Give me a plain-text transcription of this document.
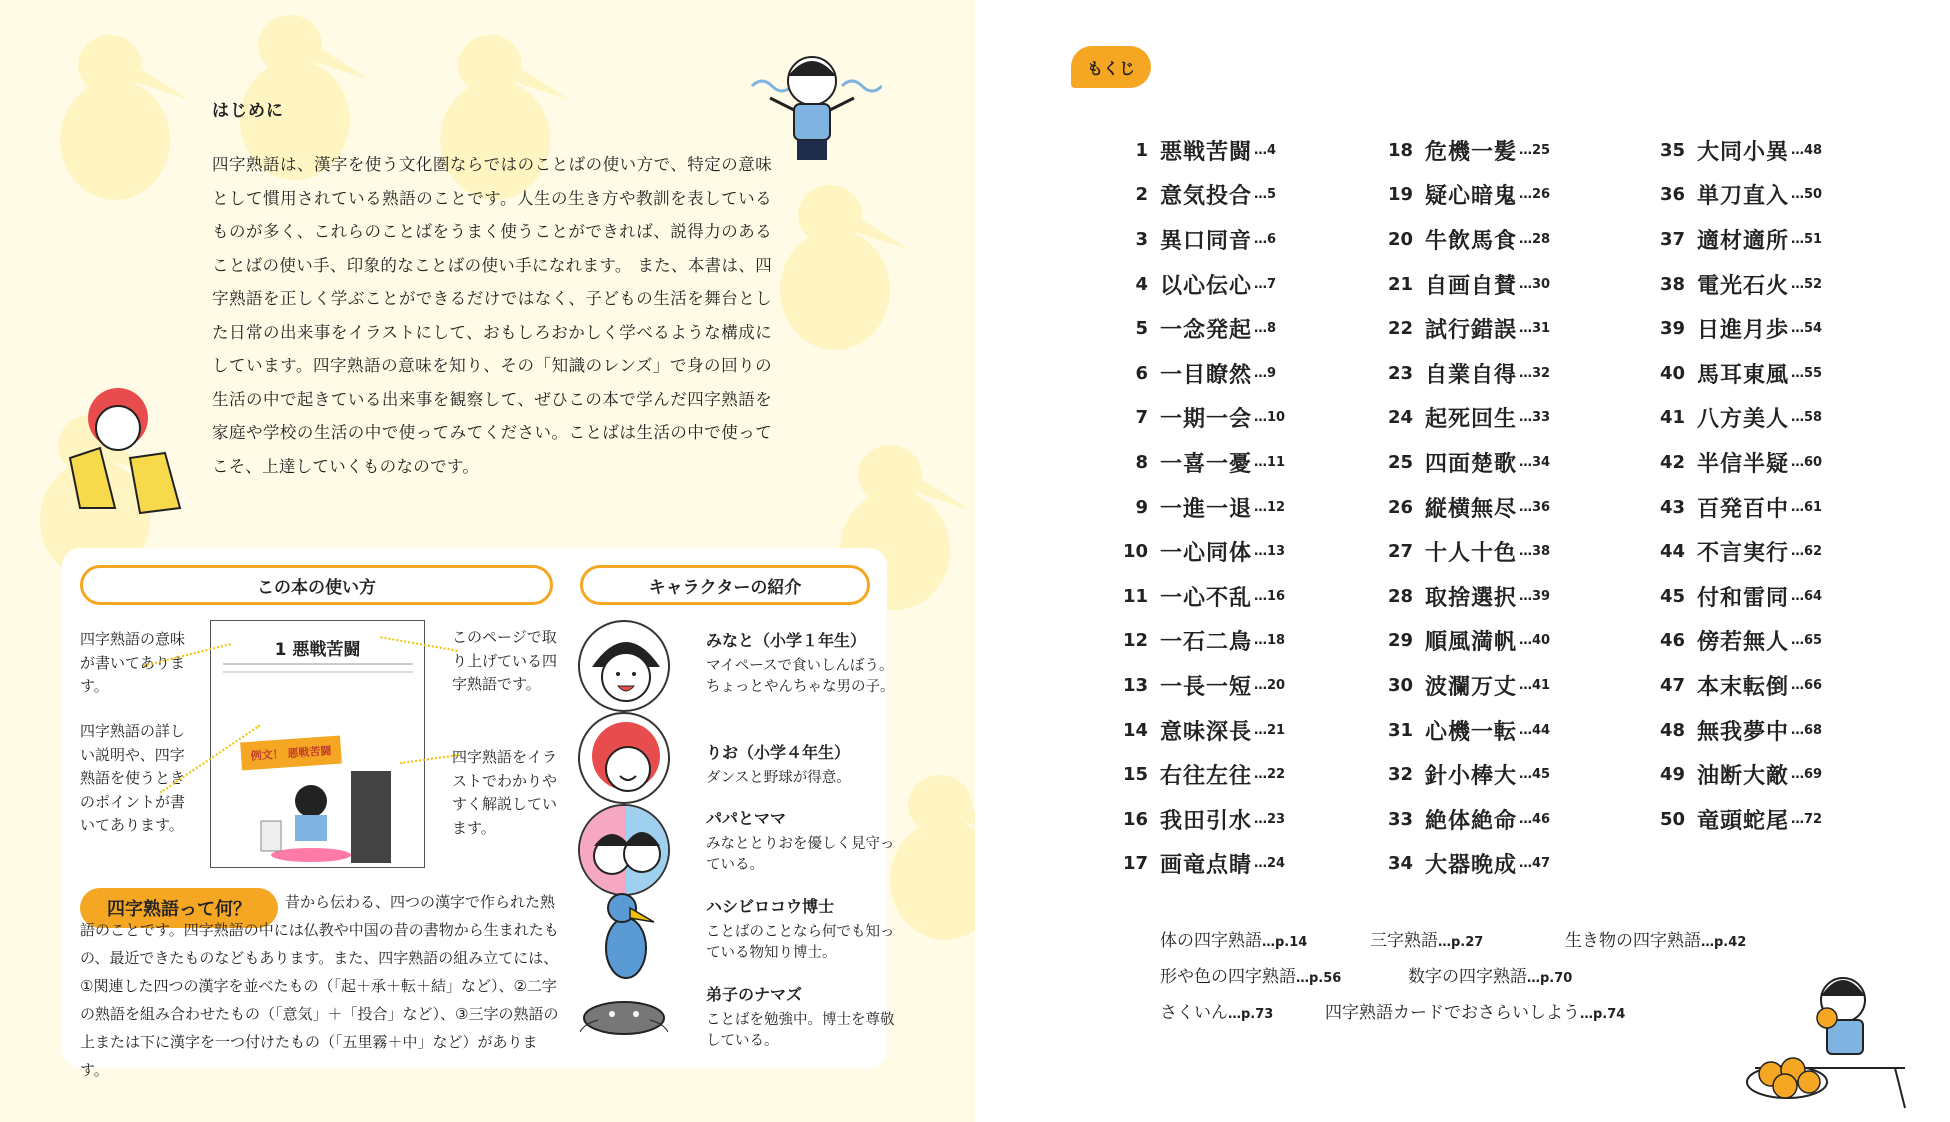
はじめに
四字熟語は、漢字を使う文化圏ならではのことばの使い方で、特定の意味として慣用されている熟語のことです。人生の生き方や教訓を表しているものが多く、これらのことばをうまく使うことができれば、説得力のあることばの使い手、印象的なことばの使い手になれます。 また、本書は、四字熟語を正しく学ぶことができるだけではなく、子どもの生活を舞台とした日常の出来事をイラストにして、おもしろおかしく学べるような構成にしています。四字熟語の意味を知り、その「知識のレンズ」で身の回りの生活の中で起きている出来事を観察して、ぜひこの本で学んだ四字熟語を家庭や学校の生活の中で使ってみてください。ことばは生活の中で使ってこそ、上達していくものなのです。
この本の使い方
四字熟語の意味が書いてあります。
四字熟語の詳しい説明や、四字熟語を使うときのポイントが書いてあります。
このページで取り上げている四字熟語です。
四字熟語をイラストでわかりやすく解説しています。
1 悪戦苦闘
例文！ 悪戦苦闘
四字熟語って何？	昔から伝わる、四つの漢字で作られた熟語のことです。四字熟語の中には仏教や中国の昔の書物から生まれたもの、最近できたものなどもあります。また、四字熟語の組み立てには、①関連した四つの漢字を並べたもの（「起＋承＋転＋結」など）、②二字の熟語を組み合わせたもの（「意気」＋「投合」など）、③三字の熟語の上または下に漢字を一つ付けたもの（「五里霧＋中」など）があります。
キャラクターの紹介
みなと（小学１年生）
マイペースで食いしんぼう。ちょっとやんちゃな男の子。
りお（小学４年生）
ダンスと野球が得意。
パパとママ
みなととりおを優しく見守っている。
ハシビロコウ博士
ことばのことなら何でも知っている物知り博士。
弟子のナマズ
ことばを勉強中。博士を尊敬している。
もくじ
1 悪戦苦闘 …4
2 意気投合 …5
3 異口同音 …6
4 以心伝心 …7
5 一念発起 …8
6 一目瞭然 …9
7 一期一会 …10
8 一喜一憂 …11
9 一進一退 …12
10 一心同体 …13
11 一心不乱 …16
12 一石二鳥 …18
13 一長一短 …20
14 意味深長 …21
15 右往左往 …22
16 我田引水 …23
17 画竜点睛 …24
18 危機一髪 …25
19 疑心暗鬼 …26
20 牛飲馬食 …28
21 自画自賛 …30
22 試行錯誤 …31
23 自業自得 …32
24 起死回生 …33
25 四面楚歌 …34
26 縦横無尽 …36
27 十人十色 …38
28 取捨選択 …39
29 順風満帆 …40
30 波瀾万丈 …41
31 心機一転 …44
32 針小棒大 …45
33 絶体絶命 …46
34 大器晩成 …47
35 大同小異 …48
36 単刀直入 …50
37 適材適所 …51
38 電光石火 …52
39 日進月歩 …54
40 馬耳東風 …55
41 八方美人 …58
42 半信半疑 …60
43 百発百中 …61
44 不言実行 …62
45 付和雷同 …64
46 傍若無人 …65
47 本末転倒 …66
48 無我夢中 …68
49 油断大敵 …69
50 竜頭蛇尾 …72
体の四字熟語…p.14	三字熟語…p.27	生き物の四字熟語…p.42
形や色の四字熟語…p.56	数字の四字熟語…p.70
さくいん…p.73	四字熟語カードでおさらいしよう…p.74
